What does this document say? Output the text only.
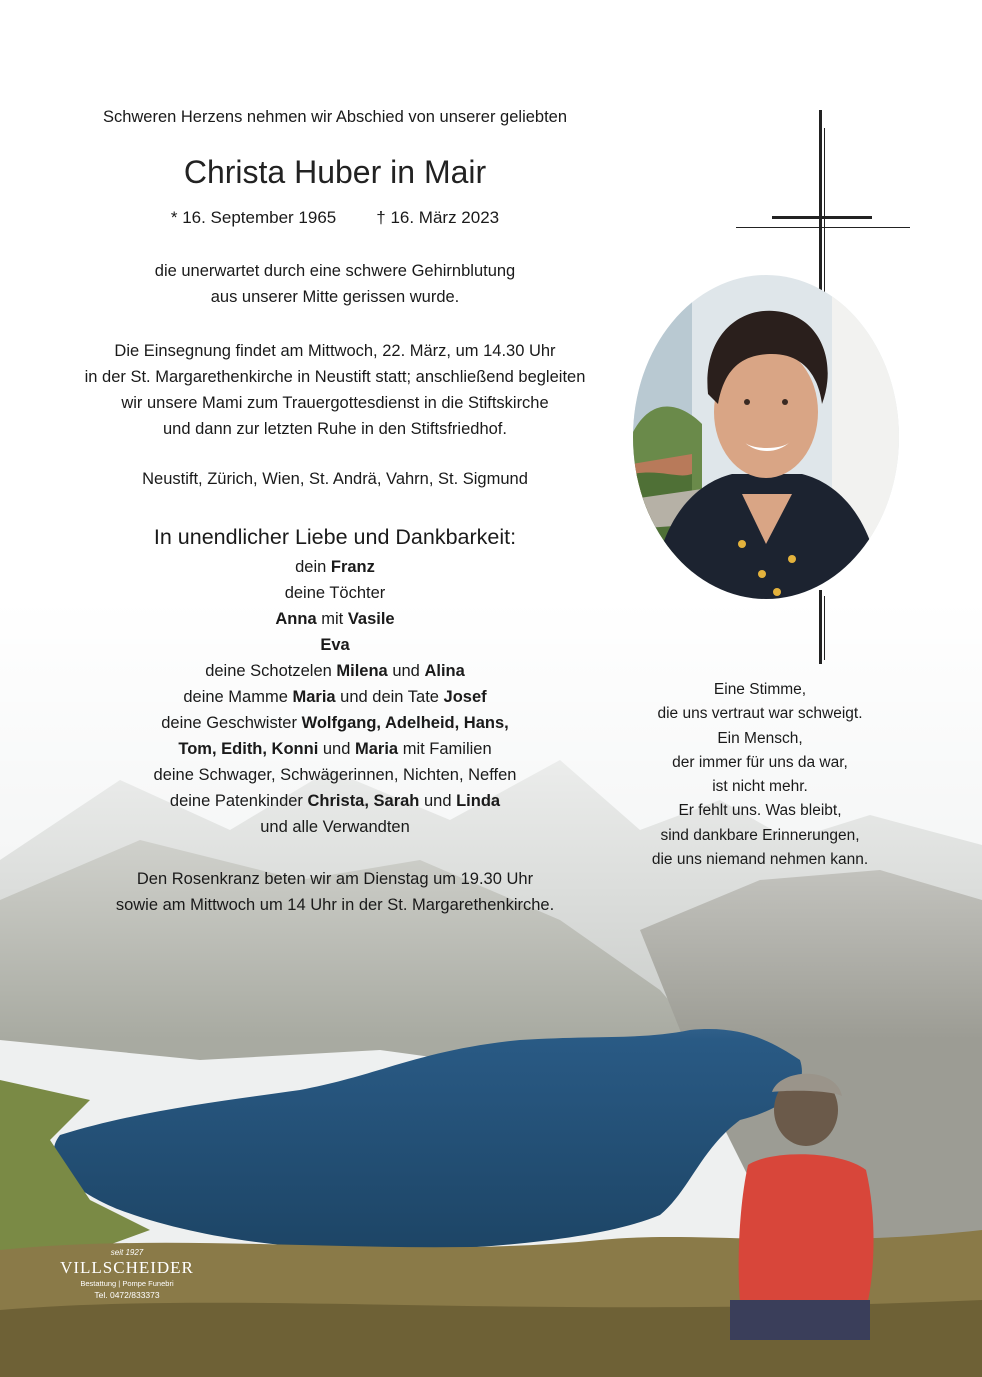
Schweren Herzens nehmen wir Abschied von unserer geliebten
Christa Huber in Mair
* 16. September 1965 † 16. März 2023
die unerwartet durch eine schwere Gehirnblutung
aus unserer Mitte gerissen wurde.
Die Einsegnung findet am Mittwoch, 22. März, um 14.30 Uhr
in der St. Margarethenkirche in Neustift statt; anschließend begleiten
wir unsere Mami zum Trauergottesdienst in die Stiftskirche
und dann zur letzten Ruhe in den Stiftsfriedhof.
Neustift, Zürich, Wien, St. Andrä, Vahrn, St. Sigmund
In unendlicher Liebe und Dankbarkeit:
dein Franz
deine Töchter
Anna mit Vasile
Eva
deine Schotzelen Milena und Alina
deine Mamme Maria und dein Tate Josef
deine Geschwister Wolfgang, Adelheid, Hans,
Tom, Edith, Konni und Maria mit Familien
deine Schwager, Schwägerinnen, Nichten, Neffen
deine Patenkinder Christa, Sarah und Linda
und alle Verwandten
Den Rosenkranz beten wir am Dienstag um 19.30 Uhr
sowie am Mittwoch um 14 Uhr in der St. Margarethenkirche.
Eine Stimme,
die uns vertraut war schweigt.
Ein Mensch,
der immer für uns da war,
ist nicht mehr.
Er fehlt uns. Was bleibt,
sind dankbare Erinnerungen,
die uns niemand nehmen kann.
seit 1927
VILLSCHEIDER
Bestattung | Pompe Funebri
Tel. 0472/833373
